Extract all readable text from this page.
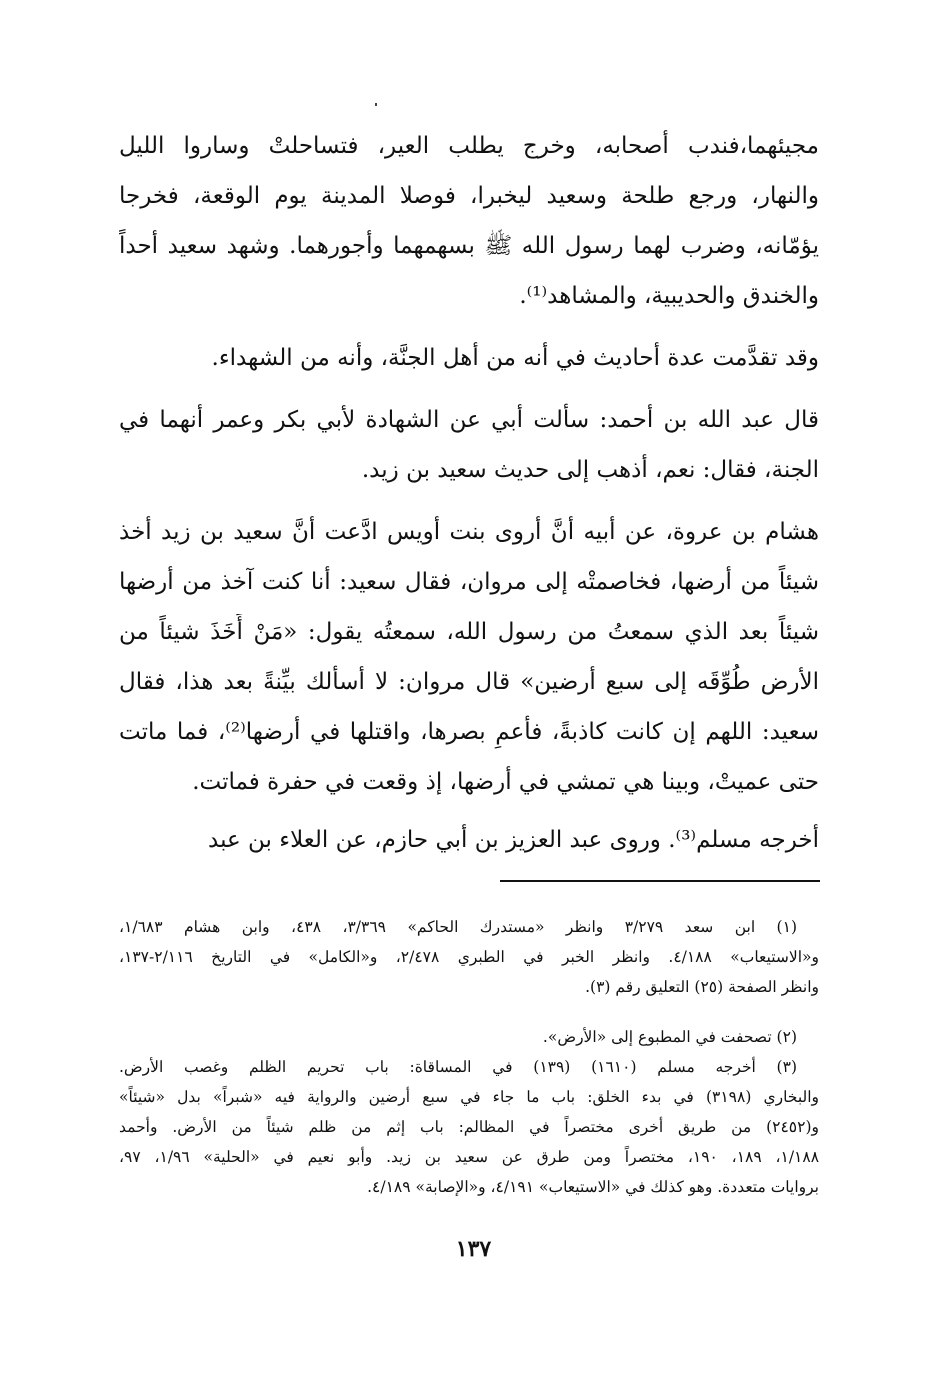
مجيئهما،فندب أصحابه، وخرج يطلب العير، فتساحلتْ وساروا الليل
والنهار، ورجع طلحة وسعيد ليخبرا، فوصلا المدينة يوم الوقعة، فخرجا
يؤمّانه، وضرب لهما رسول الله ﷺ بسهمهما وأجورهما. وشهد سعيد أحداً
والخندق والحديبية، والمشاهد⁽¹⁾.
وقد تقدَّمت عدة أحاديث في أنه من أهل الجنَّة، وأنه من الشهداء.
قال عبد الله بن أحمد: سألت أبي عن الشهادة لأبي بكر وعمر أنهما في
الجنة، فقال: نعم، أذهب إلى حديث سعيد بن زيد.
هشام بن عروة، عن أبيه أنَّ أروى بنت أويس ادَّعت أنَّ سعيد بن زيد أخذ
شيئاً من أرضها، فخاصمتْه إلى مروان، فقال سعيد: أنا كنت آخذ من أرضها
شيئاً بعد الذي سمعتُ من رسول الله، سمعتُه يقول: «مَنْ أَخَذَ شيئاً من
الأرض طُوِّقَه إلى سبع أرضين» قال مروان: لا أسألك بيِّنةً بعد هذا، فقال
سعيد: اللهم إن كانت كاذبةً، فأعمِ بصرها، واقتلها في أرضها⁽²⁾، فما ماتت
حتى عميتْ، وبينا هي تمشي في أرضها، إذ وقعت في حفرة فماتت.
أخرجه مسلم⁽³⁾. وروى عبد العزيز بن أبي حازم، عن العلاء بن عبد
(١) ابن سعد ٣/٢٧٩ وانظر «مستدرك الحاكم» ٣/٣٦٩، ٤٣٨، وابن هشام ١/٦٨٣،
و«الاستيعاب» ٤/١٨٨. وانظر الخبر في الطبري ٢/٤٧٨، و«الكامل» في التاريخ ٢/١١٦-١٣٧،
وانظر الصفحة (٢٥) التعليق رقم (٣).
(٢) تصحفت في المطبوع إلى «الأرض».
(٣) أخرجه مسلم (١٦١٠) (١٣٩) في المساقاة: باب تحريم الظلم وغصب الأرض.
والبخاري (٣١٩٨) في بدء الخلق: باب ما جاء في سبع أرضين والرواية فيه «شبراً» بدل «شيئاً»
و(٢٤٥٢) من طريق أخرى مختصراً في المظالم: باب إثم من ظلم شيئاً من الأرض. وأحمد
١/١٨٨، ١٨٩، ١٩٠، مختصراً ومن طرق عن سعيد بن زيد. وأبو نعيم في «الحلية» ١/٩٦، ٩٧،
بروايات متعددة. وهو كذلك في «الاستيعاب» ٤/١٩١، و«الإصابة» ٤/١٨٩.
١٣٧
